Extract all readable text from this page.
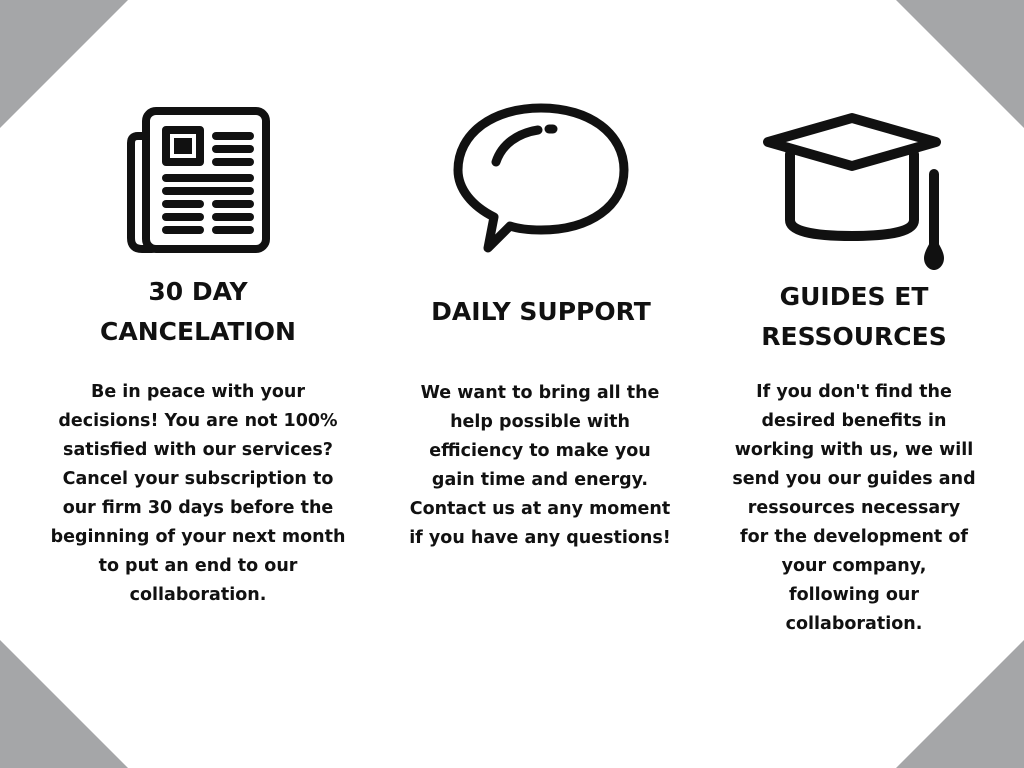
30 DAY
CANCELATION
Be in peace with your
decisions! You are not 100%
satisfied with our services?
Cancel your subscription to
our firm 30 days before the
beginning of your next month
to put an end to our
collaboration.
DAILY SUPPORT
We want to bring all the
help possible with
efficiency to make you
gain time and energy.
Contact us at any moment
if you have any questions!
GUIDES ET
RESSOURCES
If you don't find the
desired benefits in
working with us, we will
send you our guides and
ressources necessary
for the development of
your company,
following our
collaboration.
